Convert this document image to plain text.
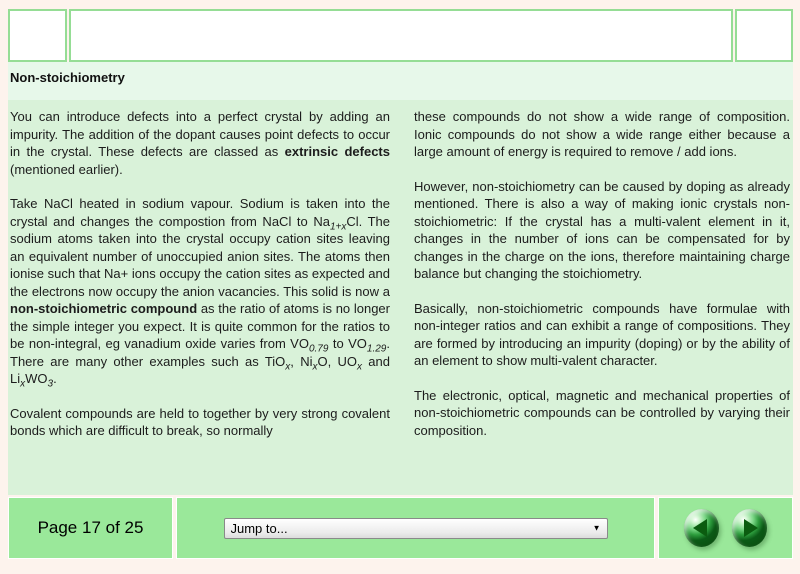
Non-stoichiometry

You can introduce defects into a perfect crystal by adding an impurity. The addition of the dopant causes point defects to occur in the crystal. These defects are classed as extrinsic defects (mentioned earlier).

Take NaCl heated in sodium vapour. Sodium is taken into the crystal and changes the compostion from NaCl to $Na_{1+x}Cl$. The sodium atoms taken into the crystal occupy cation sites leaving an equivalent number of unoccupied anion sites. The atoms then ionise such that Na+ ions occupy the cation sites as expected and the electrons now occupy the anion vacancies. This solid is now a non-stoichiometric compound as the ratio of atoms is no longer the simple integer you expect. It is quite common for the ratios to be non-integral, eg vanadium oxide varies from $VO_{0.79}$ to $VO_{1.29}$. There are many other examples such as TiO$_x$, $Ni_xO$, $UO_x$ and $Li_xWO_3$.

Covalent compounds are held to together by very strong covalent bonds which are difficult to break, so normally

these compounds do not show a wide range of composition. Ionic compounds do not show a wide range either because a large amount of energy is required to remove / add ions.

However, non-stoichiometry can be caused by doping as already mentioned. There is also a way of making ionic crystals non-stoichiometric: If the crystal has a multi-valent element in it, changes in the number of ions can be compensated for by changes in the charge on the ions, therefore maintaining charge balance but changing the stoichiometry.

Basically, non-stoichiometric compounds have formulae with non-integer ratios and can exhibit a range of compositions. They are formed by introducing an impurity (doping) or by the ability of an element to show multi-valent character.

The electronic, optical, magnetic and mechanical properties of non-stoichiometric compounds can be controlled by varying their composition.

Page 17 of 25
Jump to...	▼
